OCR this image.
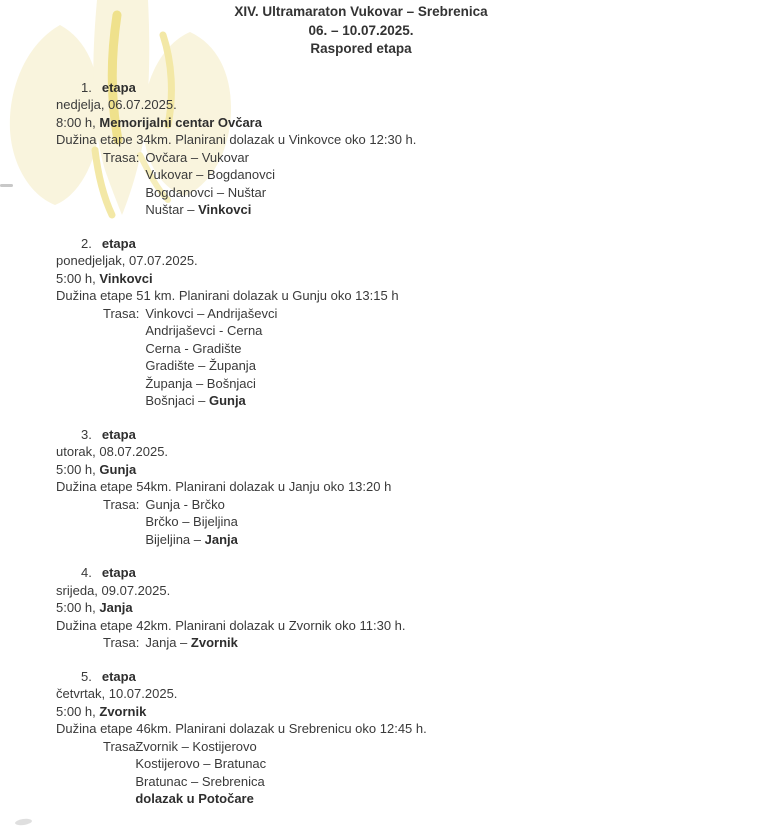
XIV. Ultramaraton Vukovar – Srebrenica
06. – 10.07.2025.
Raspored etapa
1. etapa
nedjelja, 06.07.2025.
8:00 h, Memorijalni centar Ovčara
Dužina etape 34km. Planirani dolazak u Vinkovce oko 12:30 h.
Trasa: Ovčara – Vukovar
Vukovar – Bogdanovci
Bogdanovci – Nuštar
Nuštar – Vinkovci
2. etapa
ponedjeljak, 07.07.2025.
5:00 h, Vinkovci
Dužina etape 51 km. Planirani dolazak u Gunju oko 13:15 h
Trasa: Vinkovci – Andrijaševci
Andrijaševci - Cerna
Cerna - Gradište
Gradište – Županja
Županja – Bošnjaci
Bošnjaci – Gunja
3. etapa
utorak, 08.07.2025.
5:00 h, Gunja
Dužina etape 54km. Planirani dolazak u Janju oko 13:20 h
Trasa: Gunja - Brčko
Brčko – Bijeljina
Bijeljina – Janja
4. etapa
srijeda, 09.07.2025.
5:00 h, Janja
Dužina etape 42km. Planirani dolazak u Zvornik oko 11:30 h.
Trasa: Janja – Zvornik
5. etapa
četvrtak, 10.07.2025.
5:00 h, Zvornik
Dužina etape 46km. Planirani dolazak u Srebrenicu oko 12:45 h.
Trasa:
Zvornik – Kostijerovo
Kostijerovo – Bratunac
Bratunac – Srebrenica
dolazak u Potočare
